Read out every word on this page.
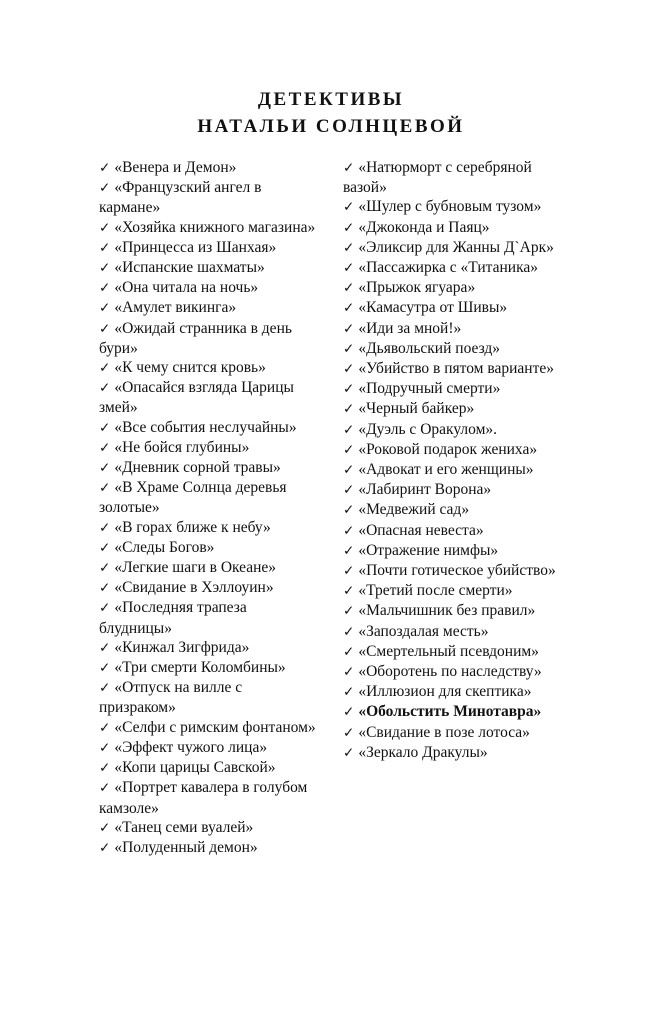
ДЕТЕКТИВЫ
НАТАЛЬИ СОЛНЦЕВОЙ
✓ «Венера и Демон»
✓ «Французский ангел в кармане»
✓ «Хозяйка книжного магазина»
✓ «Принцесса из Шанхая»
✓ «Испанские шахматы»
✓ «Она читала на ночь»
✓ «Амулет викинга»
✓ «Ожидай странника в день бури»
✓ «К чему снится кровь»
✓ «Опасайся взгляда Царицы змей»
✓ «Все события неслучайны»
✓ «Не бойся глубины»
✓ «Дневник сорной травы»
✓ «В Храме Солнца деревья золотые»
✓ «В горах ближе к небу»
✓ «Следы Богов»
✓ «Легкие шаги в Океане»
✓ «Свидание в Хэллоуин»
✓ «Последняя трапеза блудницы»
✓ «Кинжал Зигфрида»
✓ «Три смерти Коломбины»
✓ «Отпуск на вилле с призраком»
✓ «Селфи с римским фонтаном»
✓ «Эффект чужого лица»
✓ «Копи царицы Савской»
✓ «Портрет кавалера в голубом камзоле»
✓ «Танец семи вуалей»
✓ «Полуденный демон»
✓ «Натюрморт с серебряной вазой»
✓ «Шулер с бубновым тузом»
✓ «Джоконда и Паяц»
✓ «Эликсир для Жанны Д`Арк»
✓ «Пассажирка с «Титаника»
✓ «Прыжок ягуара»
✓ «Камасутра от Шивы»
✓ «Иди за мной!»
✓ «Дьявольский поезд»
✓ «Убийство в пятом варианте»
✓ «Подручный смерти»
✓ «Черный байкер»
✓ «Дуэль с Оракулом».
✓ «Роковой подарок жениха»
✓ «Адвокат и его женщины»
✓ «Лабиринт Ворона»
✓ «Медвежий сад»
✓ «Опасная невеста»
✓ «Отражение нимфы»
✓ «Почти готическое убийство»
✓ «Третий после смерти»
✓ «Мальчишник без правил»
✓ «Запоздалая месть»
✓ «Смертельный псевдоним»
✓ «Оборотень по наследству»
✓ «Иллюзион для скептика»
✓ «Обольстить Минотавра»
✓ «Свидание в позе лотоса»
✓ «Зеркало Дракулы»
